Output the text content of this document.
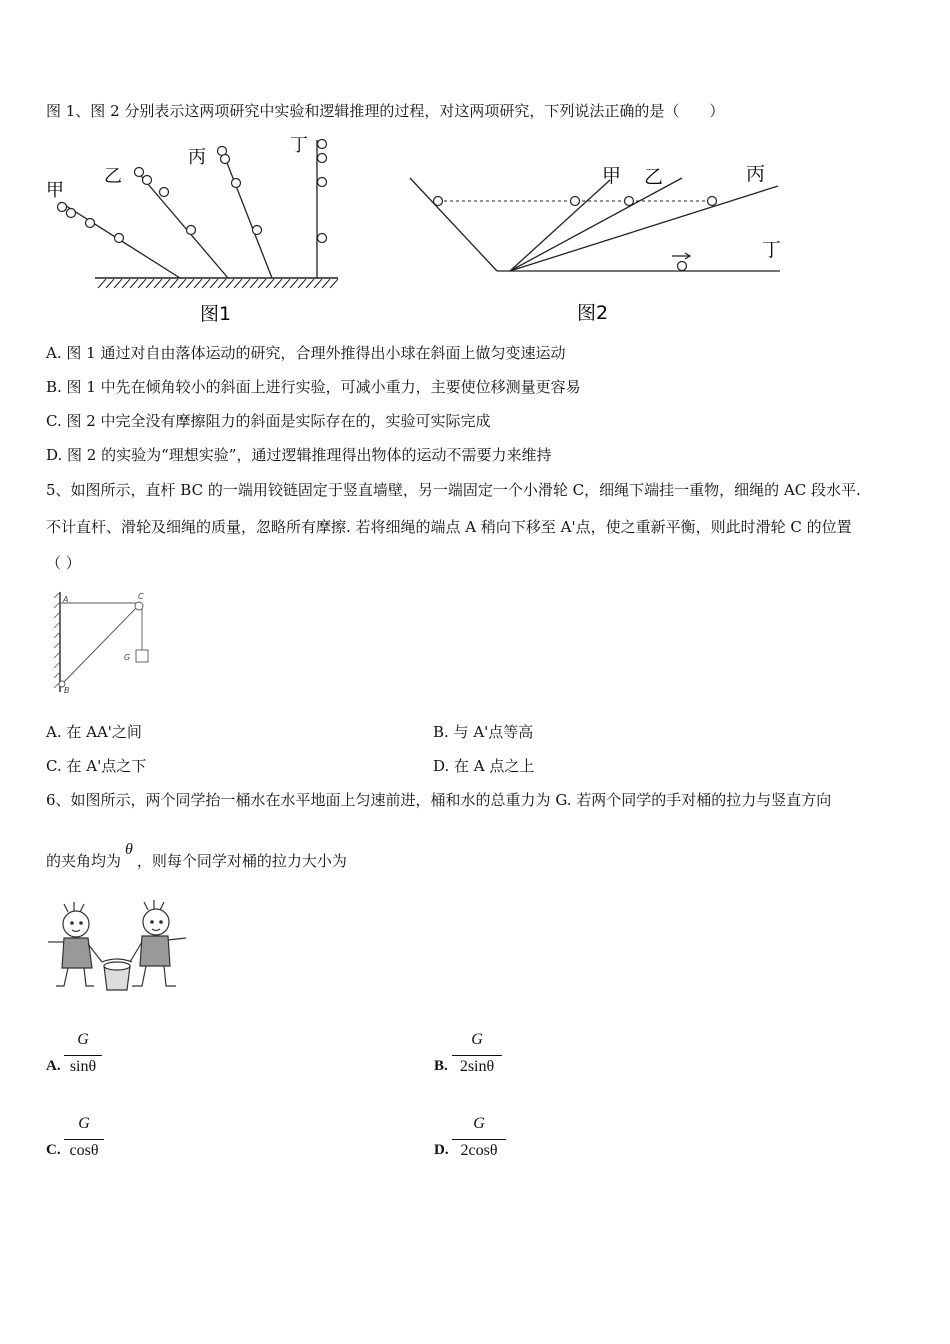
图 1、图 2 分别表示这两项研究中实验和逻辑推理的过程，对这两项研究，下列说法正确的是（　　）
甲
乙
丙
丁
图1
甲 乙	丙
丁
图2
A. 图 1 通过对自由落体运动的研究，合理外推得出小球在斜面上做匀变速运动
B. 图 1 中先在倾角较小的斜面上进行实验，可减小重力，主要使位移测量更容易
C. 图 2 中完全没有摩擦阻力的斜面是实际存在的，实验可实际完成
D. 图 2 的实验为“理想实验”，通过逻辑推理得出物体的运动不需要力来维持
5、如图所示，直杆 BC 的一端用铰链固定于竖直墙壁，另一端固定一个小滑轮 C，细绳下端挂一重物，细绳的 AC 段水平.
不计直杆、滑轮及细绳的质量，忽略所有摩擦. 若将细绳的端点 A 稍向下移至 A'点，使之重新平衡，则此时滑轮 C 的位置
（ ）
A	C
G
B
A. 在 AA'之间	B. 与 A'点等高
C. 在 A'点之下	D. 在 A 点之上
6、如图所示，两个同学抬一桶水在水平地面上匀速前进，桶和水的总重力为 G. 若两个同学的手对桶的拉力与竖直方向
的夹角均为θ，则每个同学对桶的拉力大小为
A.
G
sinθ	B.
G
2sinθ
C.
G
cosθ	D.
G
2cosθ
